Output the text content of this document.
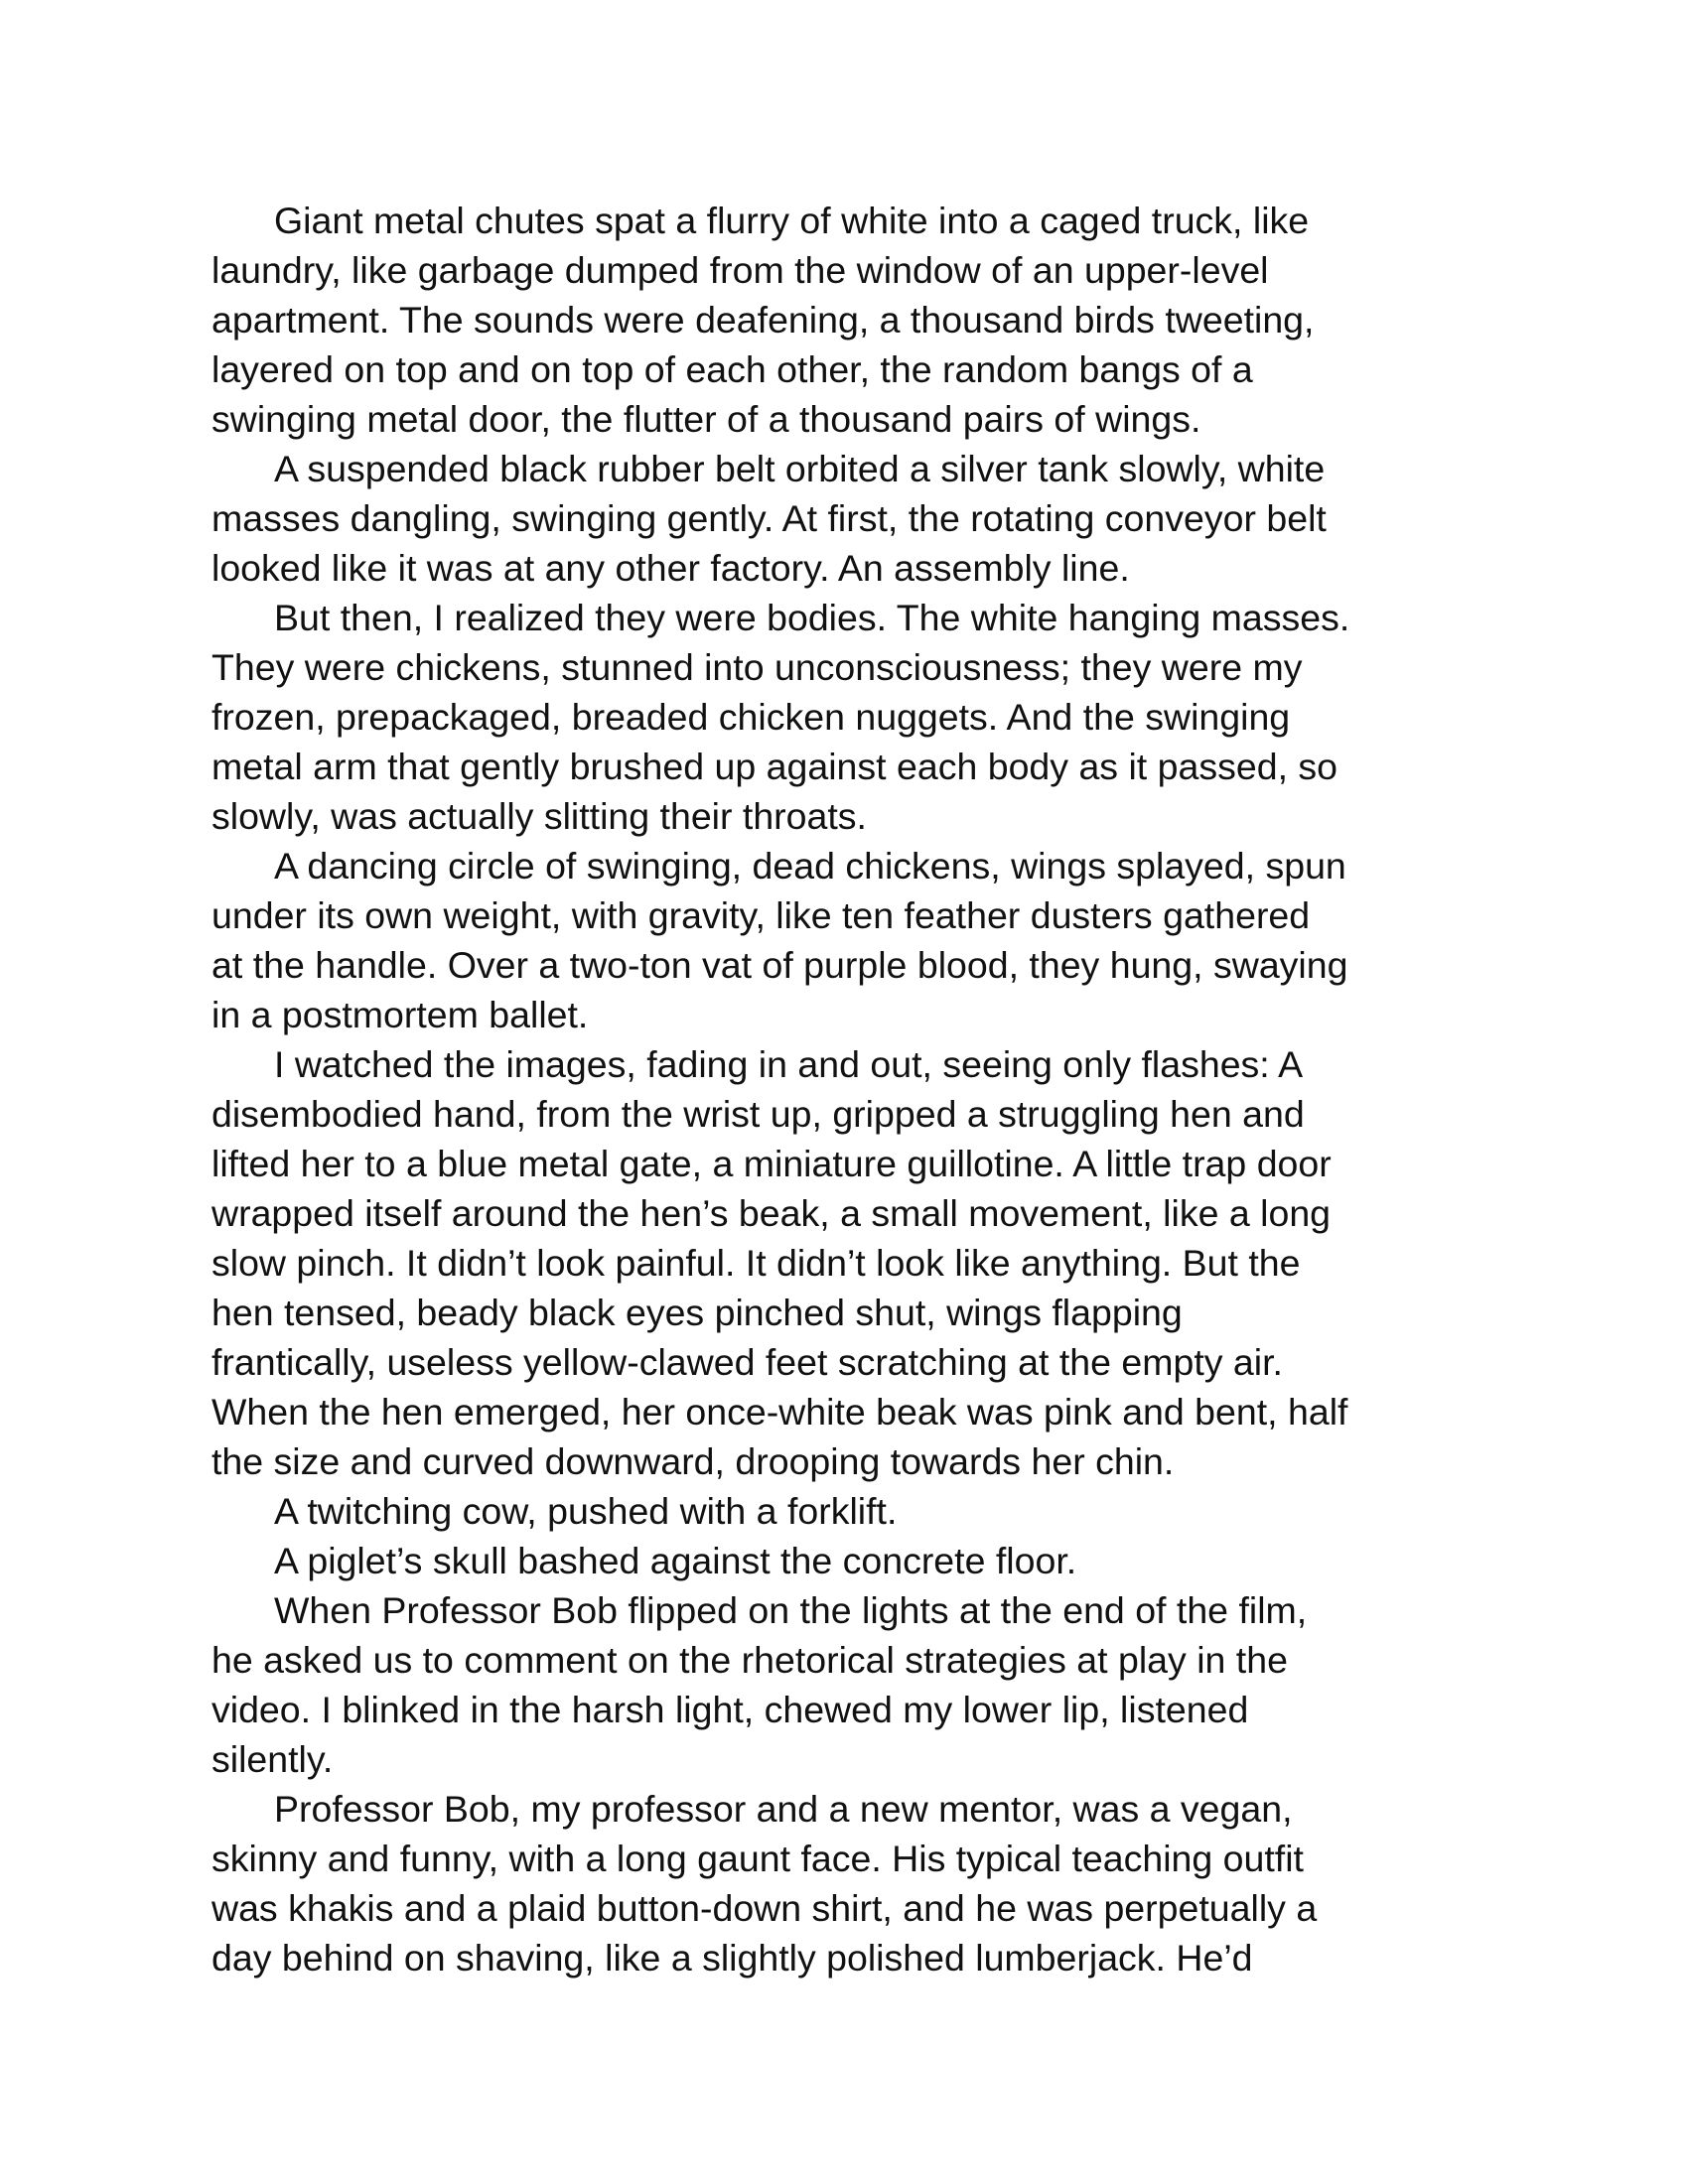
Giant metal chutes spat a flurry of white into a caged truck, like
laundry, like garbage dumped from the window of an upper-level
apartment. The sounds were deafening, a thousand birds tweeting,
layered on top and on top of each other, the random bangs of a
swinging metal door, the flutter of a thousand pairs of wings.

A suspended black rubber belt orbited a silver tank slowly, white
masses dangling, swinging gently. At first, the rotating conveyor belt
looked like it was at any other factory. An assembly line.

But then, I realized they were bodies. The white hanging masses.
They were chickens, stunned into unconsciousness; they were my
frozen, prepackaged, breaded chicken nuggets. And the swinging
metal arm that gently brushed up against each body as it passed, so
slowly, was actually slitting their throats.

A dancing circle of swinging, dead chickens, wings splayed, spun
under its own weight, with gravity, like ten feather dusters gathered
at the handle. Over a two-ton vat of purple blood, they hung, swaying
in a postmortem ballet.

I watched the images, fading in and out, seeing only flashes: A
disembodied hand, from the wrist up, gripped a struggling hen and
lifted her to a blue metal gate, a miniature guillotine. A little trap door
wrapped itself around the hen’s beak, a small movement, like a long
slow pinch. It didn’t look painful. It didn’t look like anything. But the
hen tensed, beady black eyes pinched shut, wings flapping
frantically, useless yellow-clawed feet scratching at the empty air.
When the hen emerged, her once-white beak was pink and bent, half
the size and curved downward, drooping towards her chin.

A twitching cow, pushed with a forklift.

A piglet’s skull bashed against the concrete floor.

When Professor Bob flipped on the lights at the end of the film,
he asked us to comment on the rhetorical strategies at play in the
video. I blinked in the harsh light, chewed my lower lip, listened
silently.

Professor Bob, my professor and a new mentor, was a vegan,
skinny and funny, with a long gaunt face. His typical teaching outfit
was khakis and a plaid button-down shirt, and he was perpetually a
day behind on shaving, like a slightly polished lumberjack. He’d
